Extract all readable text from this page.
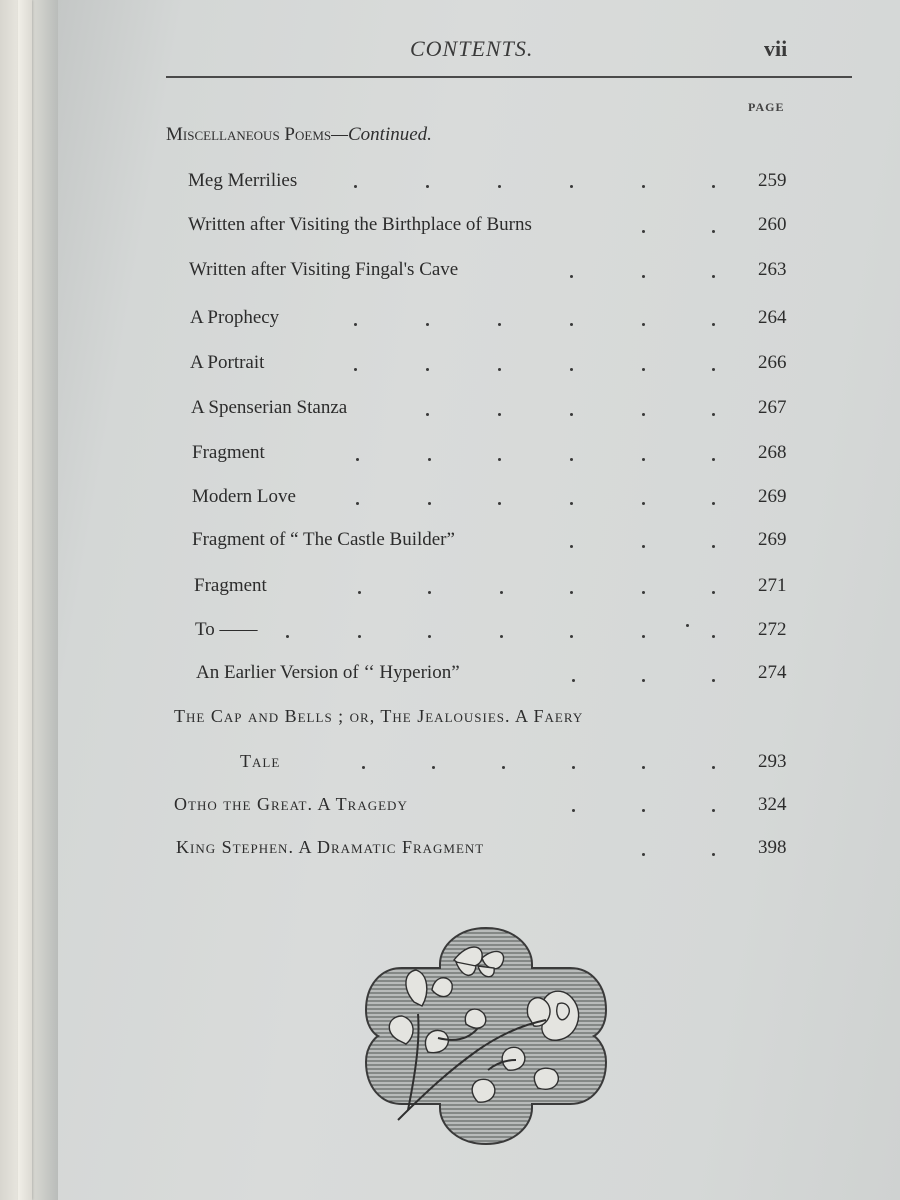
CONTENTS.	vii
PAGE
Miscellaneous Poems—Continued.
Meg Merrilies	259
Written after Visiting the Birthplace of Burns	260
Written after Visiting Fingal's Cave	263
A Prophecy	264
A Portrait	266
A Spenserian Stanza	267
Fragment	268
Modern Love	269
Fragment of “ The Castle Builder”	269
Fragment	271
To ——	272
An Earlier Version of ‘‘ Hyperion”	274
The Cap and Bells ; or, The Jealousies. A Faery
Tale	293
Otho the Great. A Tragedy	324
King Stephen. A Dramatic Fragment	398
